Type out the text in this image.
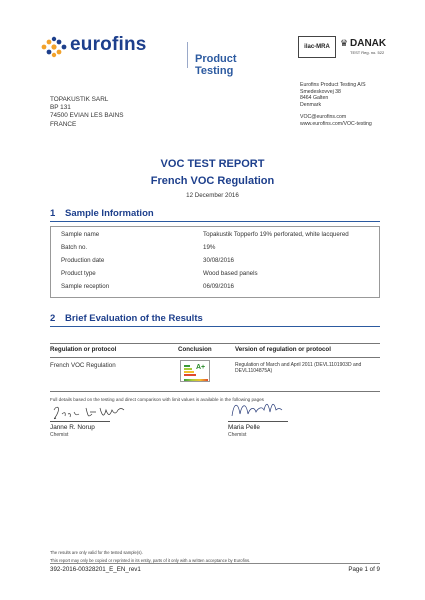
eurofins
Product Testing
ilac-MRA	♛ DANAK
TEST Reg. no. 522
TOPAKUSTIK SARL
BP 131
74500 EVIAN LES BAINS
FRANCE
Eurofins Product Testing A/S
Smedeskovvej 38
8464 Galten
Denmark
VOC@eurofins.com
www.eurofins.com/VOC-testing
VOC TEST REPORT
French VOC Regulation
12 December 2016
1 Sample Information
Sample name	Topakustik Topperfo 19% perforated, white lacquered
Batch no.	19%
Production date	30/08/2016
Product type	Wood based panels
Sample reception	06/09/2016
2 Brief Evaluation of the Results
Regulation or protocol	Conclusion	Version of regulation or protocol
French VOC Regulation	A+	Regulation of March and April 2011 (DEVL1101903D and DEVL1104875A)
Full details based on the testing and direct comparison with limit values is available in the following pages
Janne R. Norup
Chemist
Maria Pelle
Chemist
The results are only valid for the tested sample(s).
This report may only be copied or reprinted in its entity, parts of it only with a written acceptance by Eurofins.
392-2016-00328201_E_EN_rev1	Page 1 of 9
